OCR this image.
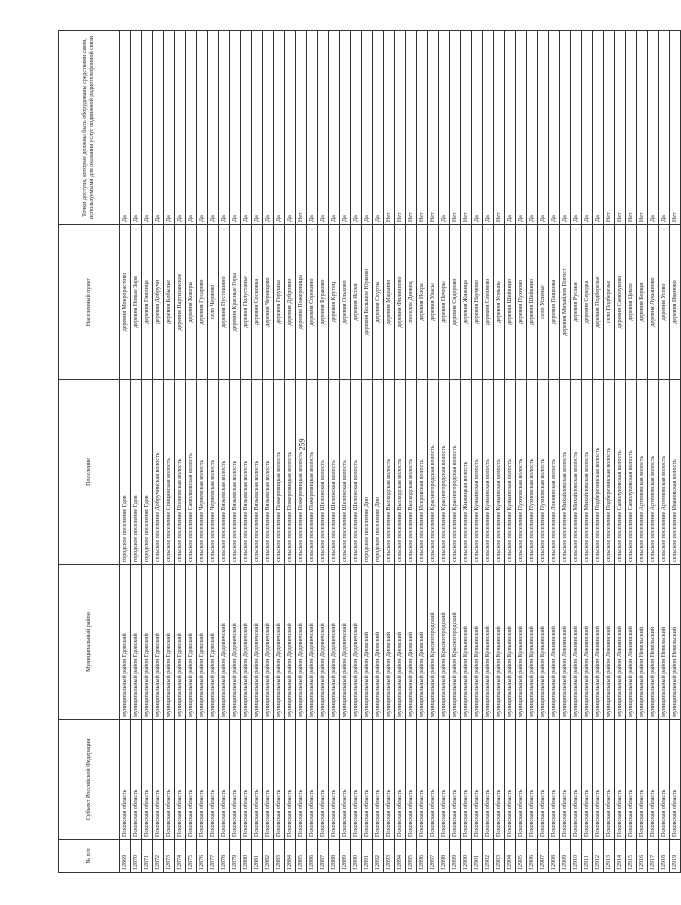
259
№ п/п	Субъект Российской Федерации	Муниципальный район	Поселение	Населенный пункт	Точки доступа, которые должны быть оборудованы средствами связи, используемыми для оказания услуг подвижной радиотелефонной связи
12869	Псковская область	муниципальный район Гдовский	городское поселение Гдов	деревня Мокрорастово	Да
12870	Псковская область	муниципальный район Гдовский	городское поселение Гдов	деревня Новые Заря	Да
12871	Псковская область	муниципальный район Гдовский	городское поселение Гдов	деревня Гнилица	Да
12872	Псковская область	муниципальный район Гдовский	сельское поселение Добручинская волость	деревня Добручи	Да
12873	Псковская область	муниципальный район Гдовский	сельское поселение Спицинская волость	деревня Кобылье	Да
12874	Псковская область	муниципальный район Гдовский	сельское поселение Полновская волость	деревня Партизанское	Да
12875	Псковская область	муниципальный район Гдовский	сельское поселение Самолвовская волость	деревня Кокоры	Да
12876	Псковская область	муниципальный район Гдовский	сельское поселение Черневская волость	деревня Гусарово	Да
12877	Псковская область	муниципальный район Гдовский	сельское поселение Черневская волость	село Черново	Да
12878	Псковская область	муниципальный район Дедовичский	сельское поселение Вязьевская волость	деревня Пустошино	Да
12879	Псковская область	муниципальный район Дедовичский	сельское поселение Вязьевская волость	деревня Красные Горы	Да
12880	Псковская область	муниципальный район Дедовичский	сельское поселение Вязьевская волость	деревня Полустанье	Да
12881	Псковская область	муниципальный район Дедовичский	сельское поселение Вязьевская волость	деревня Сосновка	Да
12882	Псковская область	муниципальный район Дедовичский	сельское поселение Вязьевская волость	деревня Чернецово	Да
12883	Псковская область	муниципальный район Дедовичский	сельское поселение Пожеревицкая волость	деревня Горушка	Да
12884	Псковская область	муниципальный район Дедовичский	сельское поселение Пожеревицкая волость	деревня Дубровно	Да
12885	Псковская область	муниципальный район Дедовичский	сельское поселение Пожеревицкая волость	деревня Пожеревицы	Нет
12886	Псковская область	муниципальный район Дедовичский	сельское поселение Пожеревицкая волость	деревня Сорокино	Да
12887	Псковская область	муниципальный район Дедовичский	сельское поселение Шелонская волость	деревня Бураково	Да
12888	Псковская область	муниципальный район Дедовичский	сельское поселение Шелонская волость	деревня Крутец	Да
12889	Псковская область	муниципальный район Дедовичский	сельское поселение Шелонская волость	деревня Ольхово	Да
12890	Псковская область	муниципальный район Дедовичский	сельское поселение Шелонская волость	деревня Ясски	Да
12891	Псковская область	муниципальный район Дновский	городское поселение Дно	деревня Большое Юрково	Да
12892	Псковская область	муниципальный район Дновский	городское поселение Дно	деревня Скурты	Да
12893	Псковская область	муниципальный район Дновский	сельское поселение Выскодская волость	деревня Марьино	Нет
12894	Псковская область	муниципальный район Дновский	сельское поселение Выскодская волость	деревня Филиппово	Нет
12895	Псковская область	муниципальный район Дновский	сельское поселение Выскодская волость	поселок Дновец	Нет
12896	Псковская область	муниципальный район Дновский	сельское поселение Искровская волость	деревня Искра	Нет
12897	Псковская область	муниципальный район Красногородский	сельское поселение Красногородская волость	деревня Уласы	Нет
12898	Псковская область	муниципальный район Красногородский	сельское поселение Красногородская волость	деревня Печоры	Да
12899	Псковская область	муниципальный район Красногородский	сельское поселение Красногородская волость	деревня Сидорово	Нет
12900	Псковская область	муниципальный район Куньинский	сельское поселение Жижицкая волость	деревня Жижица	Нет
12901	Псковская область	муниципальный район Куньинский	сельское поселение Куньинская волость	деревня Наумово	Да
12902	Псковская область	муниципальный район Куньинский	сельское поселение Куньинская волость	деревня Слепнево	Да
12903	Псковская область	муниципальный район Куньинский	сельское поселение Куньинская волость	деревня Усмынь	Нет
12904	Псковская область	муниципальный район Куньинский	сельское поселение Куньинская волость	деревня Шейкино	Да
12905	Псковская область	муниципальный район Куньинский	сельское поселение Пухновская волость	деревня Пухново	Да
12906	Псковская область	муниципальный район Куньинский	сельское поселение Пухновская волость	деревня Шейкино	Да
12907	Псковская область	муниципальный район Куньинский	сельское поселение Пухновская волость	село Успенье	Да
12908	Псковская область	муниципальный район Локнянский	сельское поселение Локнянская волость	деревня Пашкова	Да
12909	Псковская область	муниципальный район Локнянский	сельское поселение Михайловская волость	деревня Михайлов Погост	Да
12910	Псковская область	муниципальный район Локнянский	сельское поселение Михайловская волость	деревня Русаки	Да
12911	Псковская область	муниципальный район Локнянский	сельское поселение Михайловская волость	деревня Середка	Да
12912	Псковская область	муниципальный район Локнянский	сельское поселение Подберезинская волость	деревня Подберезье	Да
12913	Псковская область	муниципальный район Локнянский	сельское поселение Подберезинская волость	село Подберезье	Нет
12914	Псковская область	муниципальный район Локнянский	сельское поселение Самолуковская волость	деревня Самолуково	Нет
12915	Псковская область	муниципальный район Локнянский	сельское поселение Самолуковская волость	деревня Цевло	Нет
12916	Псковская область	муниципальный район Невельский	сельское поселение Артемовская волость	деревня Борщи	Нет
12917	Псковская область	муниципальный район Невельский	сельское поселение Артемовская волость	деревня Лукьяново	Да
12918	Псковская область	муниципальный район Невельский	сельское поселение Артемовская волость	деревня Усово	Да
12919	Псковская область	муниципальный район Невельский	сельское поселение Ивановская волость	деревня Иваново	Нет
